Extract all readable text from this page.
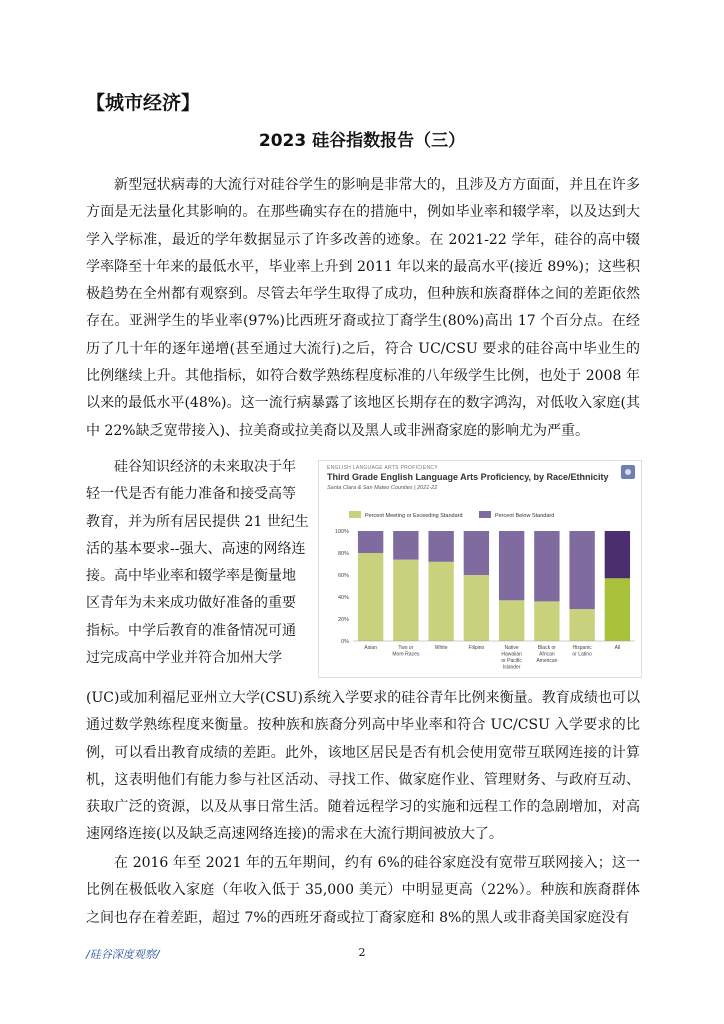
【城市经济】
2023 硅谷指数报告（三）

新型冠状病毒的大流行对硅谷学生的影响是非常大的，且涉及方方面面，并且在许多方面是无法量化其影响的。在那些确实存在的措施中，例如毕业率和辍学率，以及达到大学入学标准，最近的学年数据显示了许多改善的迹象。在 2021-22 学年，硅谷的高中辍学率降至十年来的最低水平，毕业率上升到 2011 年以来的最高水平(接近 89%)；这些积极趋势在全州都有观察到。尽管去年学生取得了成功，但种族和族裔群体之间的差距依然存在。亚洲学生的毕业率(97%)比西班牙裔或拉丁裔学生(80%)高出 17 个百分点。在经历了几十年的逐年递增(甚至通过大流行)之后，符合 UC/CSU 要求的硅谷高中毕业生的比例继续上升。其他指标，如符合数学熟练程度标准的八年级学生比例，也处于 2008 年以来的最低水平(48%)。这一流行病暴露了该地区长期存在的数字鸿沟，对低收入家庭(其中 22%缺乏宽带接入)、拉美裔或拉美裔以及黑人或非洲裔家庭的影响尤为严重。

硅谷知识经济的未来取决于年
轻一代是否有能力准备和接受高等
教育，并为所有居民提供 21 世纪生
活的基本要求--强大、高速的网络连
接。高中毕业率和辍学率是衡量地
区青年为未来成功做好准备的重要
指标。中学后教育的准备情况可通
过完成高中学业并符合加州大学

(UC)或加利福尼亚州立大学(CSU)系统入学要求的硅谷青年比例来衡量。教育成绩也可以通过数学熟练程度来衡量。按种族和族裔分列高中毕业率和符合 UC/CSU 入学要求的比例，可以看出教育成绩的差距。此外，该地区居民是否有机会使用宽带互联网连接的计算机，这表明他们有能力参与社区活动、寻找工作、做家庭作业、管理财务、与政府互动、获取广泛的资源，以及从事日常生活。随着远程学习的实施和远程工作的急剧增加，对高速网络连接(以及缺乏高速网络连接)的需求在大流行期间被放大了。

在 2016 年至 2021 年的五年期间，约有 6%的硅谷家庭没有宽带互联网接入；这一比例在极低收入家庭（年收入低于 35,000 美元）中明显更高（22%）。种族和族裔群体之间也存在着差距，超过 7%的西班牙裔或拉丁裔家庭和 8%的黑人或非裔美国家庭没有

/硅谷深度观察/	2
ENGLISH LANGUAGE ARTS PROFICIENCY
Third Grade English Language Arts Proficiency, by Race/Ethnicity
Santa Clara & San Mateo Counties | 2021-22
Percent Meeting or Exceeding Standard	Percent Below Standard
0%
20%
40%
60%
80%
100%
Asian	Two or
More Races
White	Filipino	Native
Hawaiian
or Pacific
Islander
Black or
African
American
Hispanic
or Latino
All
